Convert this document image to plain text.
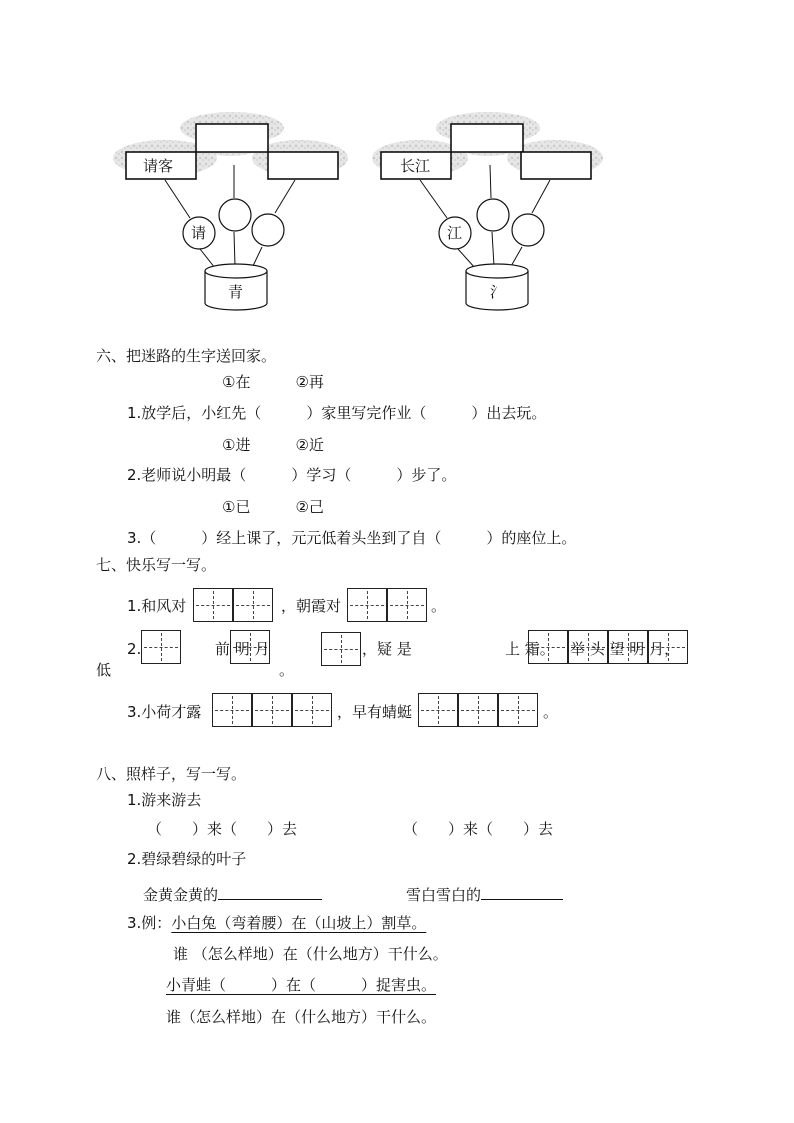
请客
请
青
长江
江
氵
六、把迷路的生字送回家。
①在　　　②再
1.放学后，小红先（　　　）家里写完作业（　　　）出去玩。
①进　　　②近
2.老师说小明最（　　　）学习（　　　）步了。
①已　　　②己
3.（　　　）经上课了，元元低着头坐到了自（　　　）的座位上。
七、快乐写一写。
1.和风对	，朝霞对	。
2.	前 明 月	，疑 是	上 霜。 举 头 望 明 月，
低	。
3.小荷才露	，早有蜻蜓	。
八、照样子，写一写。
1.游来游去
（　　）来（　　）去	（　　）来（　　）去
2.碧绿碧绿的叶子
金黄金黄的	雪白雪白的
3.例：小白兔（弯着腰）在（山坡上）割草。
谁 （怎么样地）在（什么地方）干什么。
小青蛙（　　　）在（　　　）捉害虫。
谁（怎么样地）在（什么地方）干什么。
